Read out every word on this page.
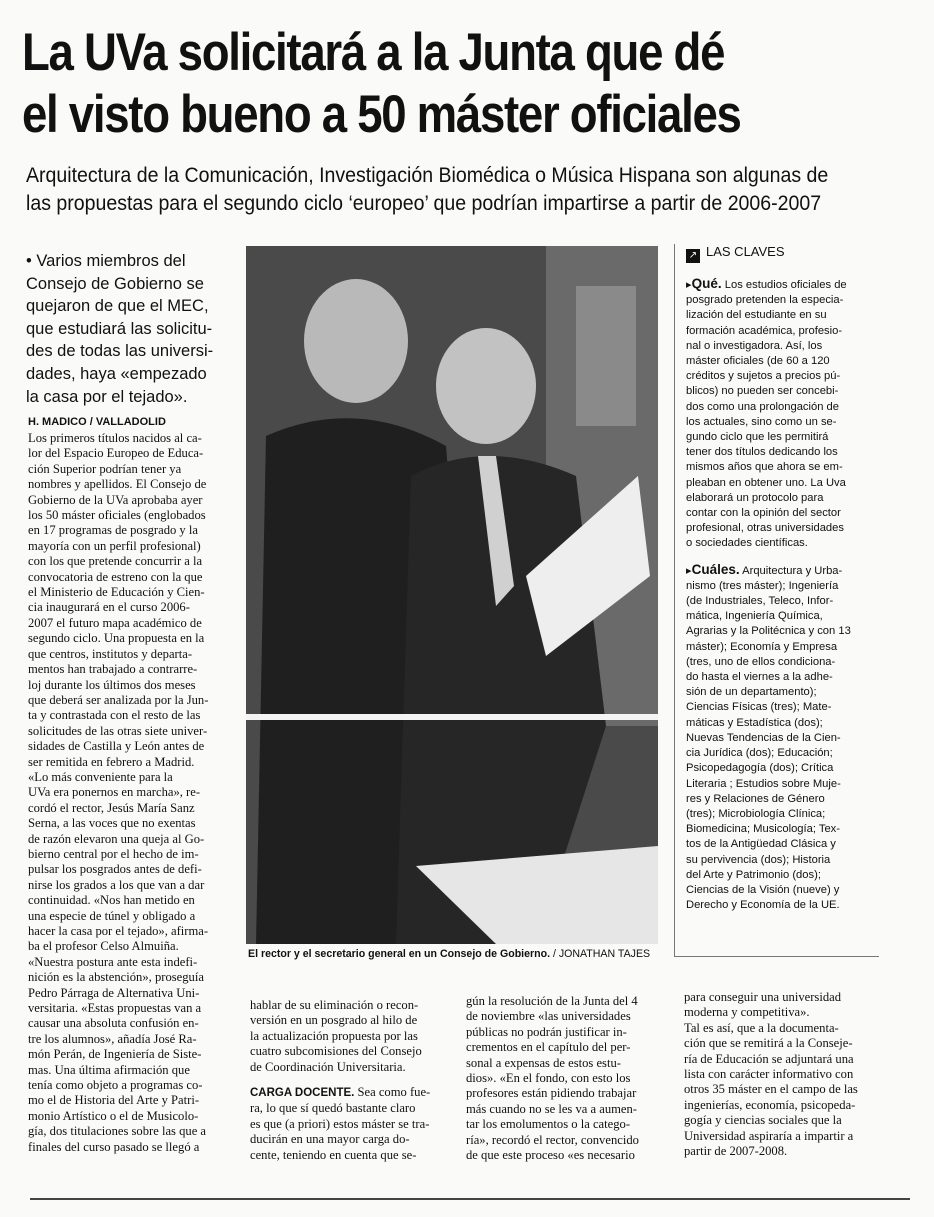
La UVa solicitará a la Junta que dé
el visto bueno a 50 máster oficiales
Arquitectura de la Comunicación, Investigación Biomédica o Música Hispana son algunas de
las propuestas para el segundo ciclo ‘europeo’ que podrían impartirse a partir de 2006-2007
• Varios miembros del
Consejo de Gobierno se
quejaron de que el MEC,
que estudiará las solicitu-
des de todas las universi-
dades, haya «empezado
la casa por el tejado».
H. MADICO / VALLADOLID
Los primeros títulos nacidos al ca-
lor del Espacio Europeo de Educa-
ción Superior podrían tener ya
nombres y apellidos. El Consejo de
Gobierno de la UVa aprobaba ayer
los 50 máster oficiales (englobados
en 17 programas de posgrado y la
mayoría con un perfil profesional)
con los que pretende concurrir a la
convocatoria de estreno con la que
el Ministerio de Educación y Cien-
cia inaugurará en el curso 2006-
2007 el futuro mapa académico de
segundo ciclo. Una propuesta en la
que centros, institutos y departa-
mentos han trabajado a contrarre-
loj durante los últimos dos meses
que deberá ser analizada por la Jun-
ta y contrastada con el resto de las
solicitudes de las otras siete univer-
sidades de Castilla y León antes de
ser remitida en febrero a Madrid.
«Lo más conveniente para la
UVa era ponernos en marcha», re-
cordó el rector, Jesús María Sanz
Serna, a las voces que no exentas
de razón elevaron una queja al Go-
bierno central por el hecho de im-
pulsar los posgrados antes de defi-
nirse los grados a los que van a dar
continuidad. «Nos han metido en
una especie de túnel y obligado a
hacer la casa por el tejado», afirma-
ba el profesor Celso Almuiña.
«Nuestra postura ante esta indefi-
nición es la abstención», proseguía
Pedro Párraga de Alternativa Uni-
versitaria. «Estas propuestas van a
causar una absoluta confusión en-
tre los alumnos», añadía José Ra-
món Perán, de Ingeniería de Siste-
mas. Una última afirmación que
tenía como objeto a programas co-
mo el de Historia del Arte y Patri-
monio Artístico o el de Musicolo-
gía, dos titulaciones sobre las que a
finales del curso pasado se llegó a
El rector y el secretario general en un Consejo de Gobierno. / JONATHAN TAJES
↗ LAS CLAVES
▸Qué. Los estudios oficiales de
posgrado pretenden la especia-
lización del estudiante en su
formación académica, profesio-
nal o investigadora. Así, los
máster oficiales (de 60 a 120
créditos y sujetos a precios pú-
blicos) no pueden ser concebi-
dos como una prolongación de
los actuales, sino como un se-
gundo ciclo que les permitirá
tener dos títulos dedicando los
mismos años que ahora se em-
pleaban en obtener uno. La Uva
elaborará un protocolo para
contar con la opinión del sector
profesional, otras universidades
o sociedades científicas.
▸Cuáles. Arquitectura y Urba-
nismo (tres máster); Ingeniería
(de Industriales, Teleco, Infor-
mática, Ingeniería Química,
Agrarias y la Politécnica y con 13
máster); Economía y Empresa
(tres, uno de ellos condiciona-
do hasta el viernes a la adhe-
sión de un departamento);
Ciencias Físicas (tres); Mate-
máticas y Estadística (dos);
Nuevas Tendencias de la Cien-
cia Jurídica (dos); Educación;
Psicopedagogía (dos); Crítica
Literaria ; Estudios sobre Muje-
res y Relaciones de Género
(tres); Microbiología Clínica;
Biomedicina; Musicología; Tex-
tos de la Antigüedad Clásica y
su pervivencia (dos); Historia
del Arte y Patrimonio (dos);
Ciencias de la Visión (nueve) y
Derecho y Economía de la UE.
hablar de su eliminación o recon-
versión en un posgrado al hilo de
la actualización propuesta por las
cuatro subcomisiones del Consejo
de Coordinación Universitaria.
CARGA DOCENTE. Sea como fue-
ra, lo que sí quedó bastante claro
es que (a priori) estos máster se tra-
ducirán en una mayor carga do-
cente, teniendo en cuenta que se-
gún la resolución de la Junta del 4
de noviembre «las universidades
públicas no podrán justificar in-
crementos en el capítulo del per-
sonal a expensas de estos estu-
dios». «En el fondo, con esto los
profesores están pidiendo trabajar
más cuando no se les va a aumen-
tar los emolumentos o la catego-
ría», recordó el rector, convencido
de que este proceso «es necesario
para conseguir una universidad
moderna y competitiva».
Tal es así, que a la documenta-
ción que se remitirá a la Conseje-
ría de Educación se adjuntará una
lista con carácter informativo con
otros 35 máster en el campo de las
ingenierías, economía, psicopeda-
gogía y ciencias sociales que la
Universidad aspiraría a impartir a
partir de 2007-2008.
